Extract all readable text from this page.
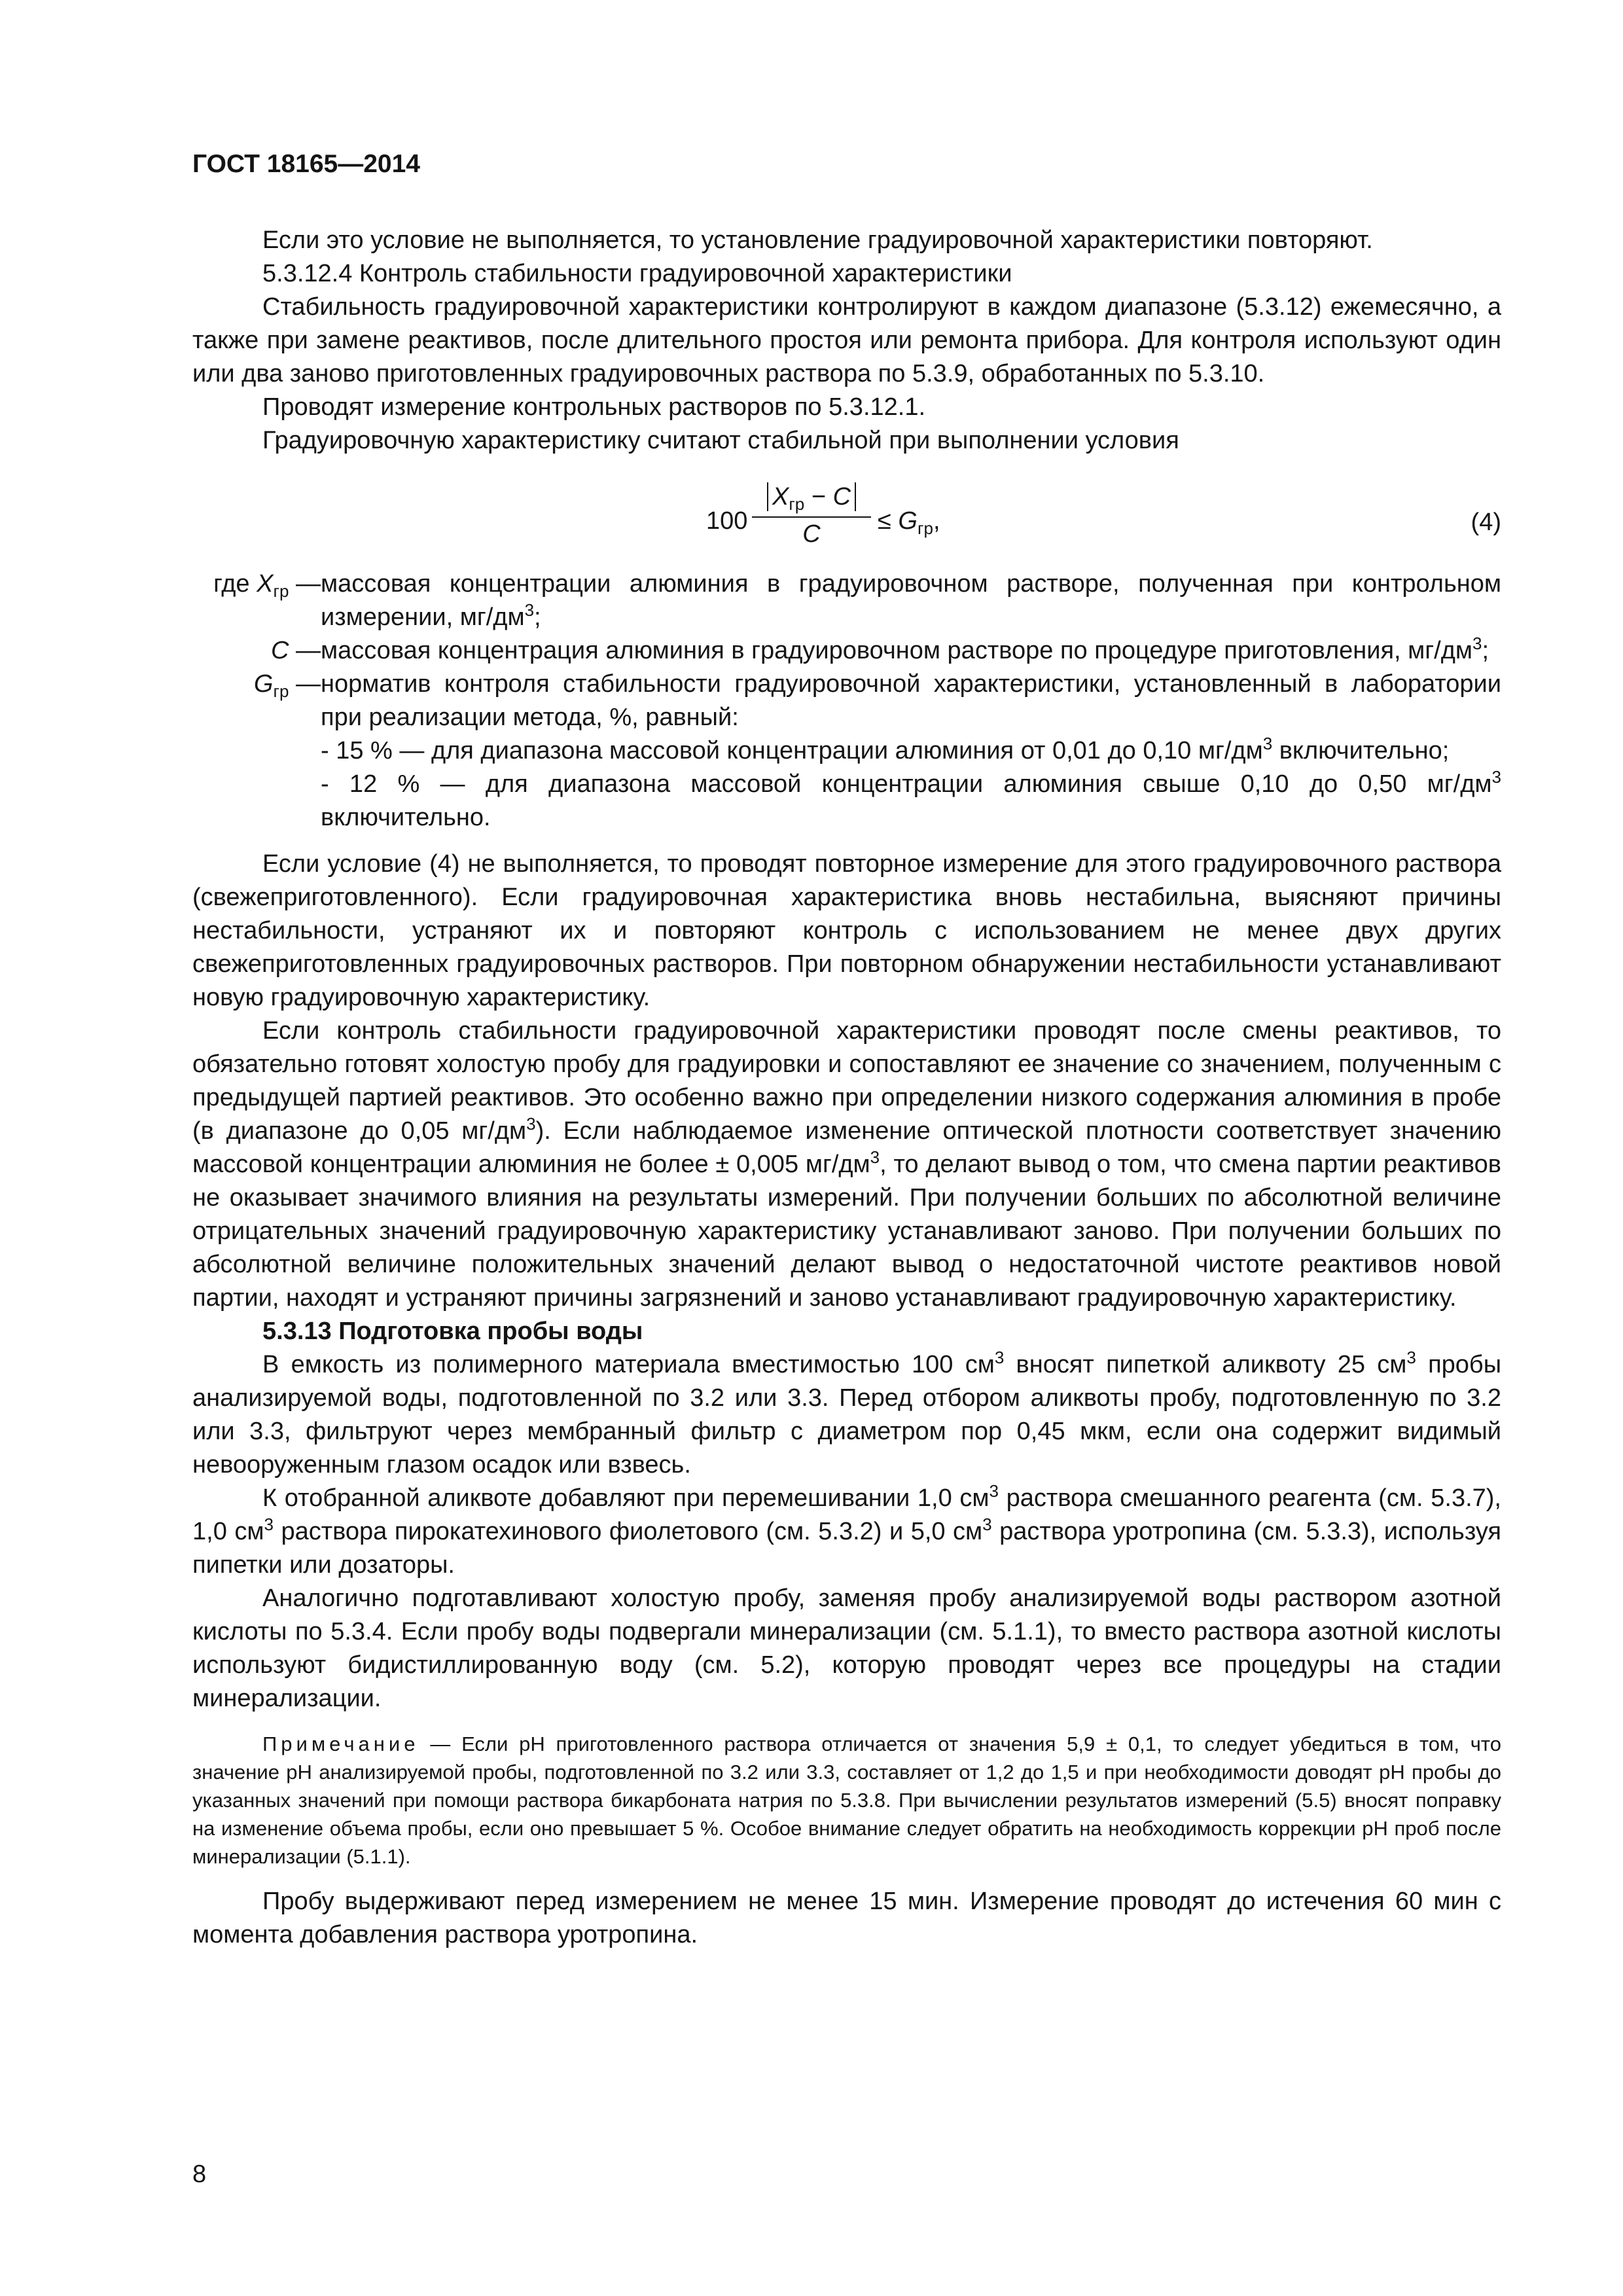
ГОСТ 18165—2014

Если это условие не выполняется, то установление градуировочной характеристики повторяют.

5.3.12.4 Контроль стабильности градуировочной характеристики

Стабильность градуировочной характеристики контролируют в каждом диапазоне (5.3.12) ежемесячно, а также при замене реактивов, после длительного простоя или ремонта прибора. Для контроля используют один или два заново приготовленных градуировочных раствора по 5.3.9, обработанных по 5.3.10.

Проводят измерение контрольных растворов по 5.3.12.1.

Градуировочную характеристику считают стабильной при выполнении условия

100
$X_{гр} - C$
C	≤ $G_{гр}$,	(4)
где $X_{гр}$ — массовая концентрации алюминия в градуировочном растворе, полученная при контрольном измерении, $мг/дм^3$;
C — массовая концентрация алюминия в градуировочном растворе по процедуре приготовления, $мг/дм^3$;
$G_{гр}$ — норматив контроля стабильности градуировочной характеристики, установленный в лаборатории при реализации метода, %, равный:
- 15 % — для диапазона массовой концентрации алюминия от 0,01 до 0,10 $мг/дм^3$ включительно;
- 12 % — для диапазона массовой концентрации алюминия свыше 0,10 до 0,50 $мг/дм^3$ включительно.

Если условие (4) не выполняется, то проводят повторное измерение для этого градуировочного раствора (свежеприготовленного). Если градуировочная характеристика вновь нестабильна, выясняют причины нестабильности, устраняют их и повторяют контроль с использованием не менее двух других свежеприготовленных градуировочных растворов. При повторном обнаружении нестабильности устанавливают новую градуировочную характеристику.

Если контроль стабильности градуировочной характеристики проводят после смены реактивов, то обязательно готовят холостую пробу для градуировки и сопоставляют ее значение со значением, полученным с предыдущей партией реактивов. Это особенно важно при определении низкого содержания алюминия в пробе (в диапазоне до 0,05 $мг/дм^3$). Если наблюдаемое изменение оптической плотности соответствует значению массовой концентрации алюминия не более ± 0,005 $мг/дм^3$, то делают вывод о том, что смена партии реактивов не оказывает значимого влияния на результаты измерений. При получении больших по абсолютной величине отрицательных значений градуировочную характеристику устанавливают заново. При получении больших по абсолютной величине положительных значений делают вывод о недостаточной чистоте реактивов новой партии, находят и устраняют причины загрязнений и заново устанавливают градуировочную характеристику.

5.3.13 Подготовка пробы воды

В емкость из полимерного материала вместимостью 100 $см^3$ вносят пипеткой аликвоту 25 $см^3$ пробы анализируемой воды, подготовленной по 3.2 или 3.3. Перед отбором аликвоты пробу, подготовленную по 3.2 или 3.3, фильтруют через мембранный фильтр с диаметром пор 0,45 мкм, если она содержит видимый невооруженным глазом осадок или взвесь.

К отобранной аликвоте добавляют при перемешивании 1,0 $см^3$ раствора смешанного реагента (см. 5.3.7), 1,0 $см^3$ раствора пирокатехинового фиолетового (см. 5.3.2) и 5,0 $см^3$ раствора уротропина (см. 5.3.3), используя пипетки или дозаторы.

Аналогично подготавливают холостую пробу, заменяя пробу анализируемой воды раствором азотной кислоты по 5.3.4. Если пробу воды подвергали минерализации (см. 5.1.1), то вместо раствора азотной кислоты используют бидистиллированную воду (см. 5.2), которую проводят через все процедуры на стадии минерализации.

Примечание — Если рН приготовленного раствора отличается от значения 5,9 ± 0,1, то следует убедиться в том, что значение рН анализируемой пробы, подготовленной по 3.2 или 3.3, составляет от 1,2 до 1,5 и при необходимости доводят рН пробы до указанных значений при помощи раствора бикарбоната натрия по 5.3.8. При вычислении результатов измерений (5.5) вносят поправку на изменение объема пробы, если оно превышает 5 %. Особое внимание следует обратить на необходимость коррекции рН проб после минерализации (5.1.1).

Пробу выдерживают перед измерением не менее 15 мин. Измерение проводят до истечения 60 мин с момента добавления раствора уротропина.

8
